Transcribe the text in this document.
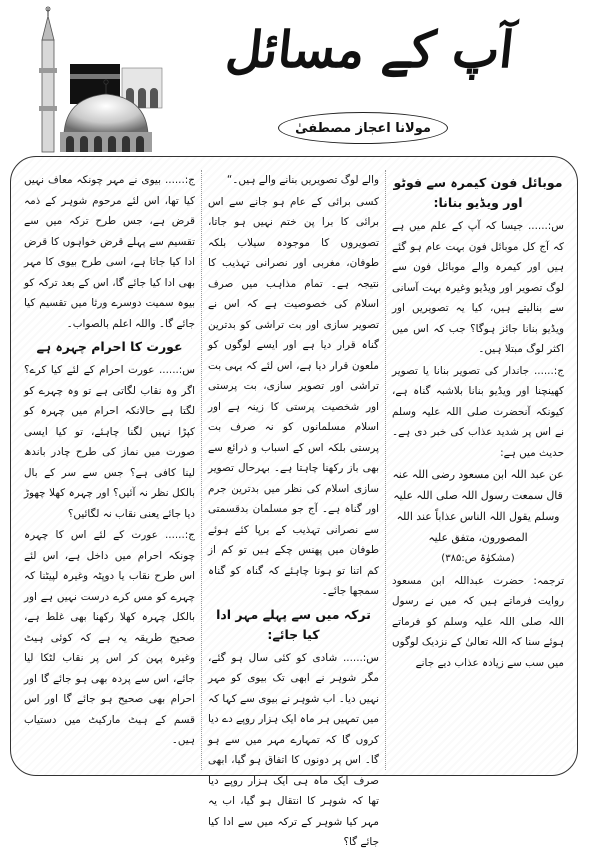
آپ کے مسائل
مولانا اعجاز مصطفیٰ
موبائل فون کیمرہ سے فوٹو اور ویڈیو بنانا:

س:...... جیسا کہ آپ کے علم میں ہے کہ آج کل موبائل فون بہت عام ہو گئے ہیں اور کیمرہ والے موبائل فون سے لوگ تصویر اور ویڈیو وغیرہ بہت آسانی سے بنالیتے ہیں، کیا یہ تصویریں اور ویڈیو بنانا جائز ہوگا؟ جب کہ اس میں اکثر لوگ مبتلا ہیں۔

ج:...... جاندار کی تصویر بنانا یا تصویر کھینچنا اور ویڈیو بنانا بلاشبہ گناہ ہے، کیونکہ آنحضرت صلی اللہ علیہ وسلم نے اس پر شدید عذاب کی خبر دی ہے۔ حدیث میں ہے:

عن عبد اللہ ابن مسعود رضی اللہ عنہ قال سمعت رسول اللہ صلی اللہ علیہ وسلم یقول اللہ الناس عذاباً عند اللہ المصورون، متفق علیہ

(مشکوٰۃ ص:۳۸۵)

ترجمہ: حضرت عبداللہ ابن مسعود روایت فرماتے ہیں کہ میں نے رسول اللہ صلی اللہ علیہ وسلم کو فرماتے ہوئے سنا کہ اللہ تعالیٰ کے نزدیک لوگوں میں سب سے زیادہ عذاب دیے جانے

والے لوگ تصویریں بنانے والے ہیں۔“

کسی برائی کے عام ہو جانے سے اس برائی کا برا پن ختم نہیں ہو جاتا، تصویروں کا موجودہ سیلاب بلکہ طوفان، مغربی اور نصرانی تہذیب کا نتیجہ ہے۔ تمام مذاہب میں صرف اسلام کی خصوصیت ہے کہ اس نے تصویر سازی اور بت تراشی کو بدترین گناہ قرار دیا ہے اور ایسے لوگوں کو ملعون قرار دیا ہے، اس لئے کہ یہی بت تراشی اور تصویر سازی، بت پرستی اور شخصیت پرستی کا زینہ ہے اور اسلام مسلمانوں کو نہ صرف بت پرستی بلکہ اس کے اسباب و ذرائع سے بھی باز رکھنا چاہتا ہے۔ بہرحال تصویر سازی اسلام کی نظر میں بدترین جرم اور گناہ ہے۔ آج جو مسلمان بدقسمتی سے نصرانی تہذیب کے برپا کئے ہوئے طوفان میں پھنس چکے ہیں تو کم از کم اتنا تو ہونا چاہئے کہ گناہ کو گناہ سمجھا جائے۔

ترکہ میں سے پہلے مہر ادا کیا جائے:

س:...... شادی کو کئی سال ہو گئے، مگر شوہر نے ابھی تک بیوی کو مہر نہیں دیا۔ اب شوہر نے بیوی سے کہا کہ میں تمہیں ہر ماہ ایک ہزار روپے دے دیا کروں گا کہ تمہارے مہر میں سے ہو گا۔ اس پر دونوں کا اتفاق ہو گیا، ابھی صرف ایک ماہ ہی ایک ہزار روپے دیا تھا کہ شوہر کا انتقال ہو گیا، اب یہ مہر کیا شوہر کے ترکہ میں سے ادا کیا جائے گا؟

ج:...... بیوی نے مہر چونکہ معاف نہیں کیا تھا، اس لئے مرحوم شوہر کے ذمہ قرض ہے، جس طرح ترکہ میں سے تقسیم سے پہلے قرض خواہوں کا قرض ادا کیا جاتا ہے، اسی طرح بیوی کا مہر بھی ادا کیا جائے گا، اس کے بعد ترکہ کو بیوہ سمیت دوسرے ورثا میں تقسیم کیا جائے گا۔ واللہ اعلم بالصواب۔

عورت کا احرام چہرہ ہے

س:...... عورت احرام کے لئے کیا کرے؟ اگر وہ نقاب لگاتی ہے تو وہ چہرے کو لگتا ہے حالانکہ احرام میں چہرہ کو کپڑا نہیں لگنا چاہئے، تو کیا ایسی صورت میں نماز کی طرح چادر باندھ لینا کافی ہے؟ جس سے سر کے بال بالکل نظر نہ آئیں؟ اور چہرہ کھلا چھوڑ دیا جائے یعنی نقاب نہ لگائیں؟

ج:...... عورت کے لئے اس کا چہرہ چونکہ احرام میں داخل ہے، اس لئے اس طرح نقاب یا دوپٹہ وغیرہ لپیٹنا کہ چہرے کو مس کرے درست نہیں ہے اور بالکل چہرہ کھلا رکھنا بھی غلط ہے، صحیح طریقہ یہ ہے کہ کوئی ہیٹ وغیرہ پہن کر اس پر نقاب لٹکا لیا جائے، اس سے پردہ بھی ہو جائے گا اور احرام بھی صحیح ہو جائے گا اور اس قسم کے ہیٹ مارکیٹ میں دستیاب ہیں۔
